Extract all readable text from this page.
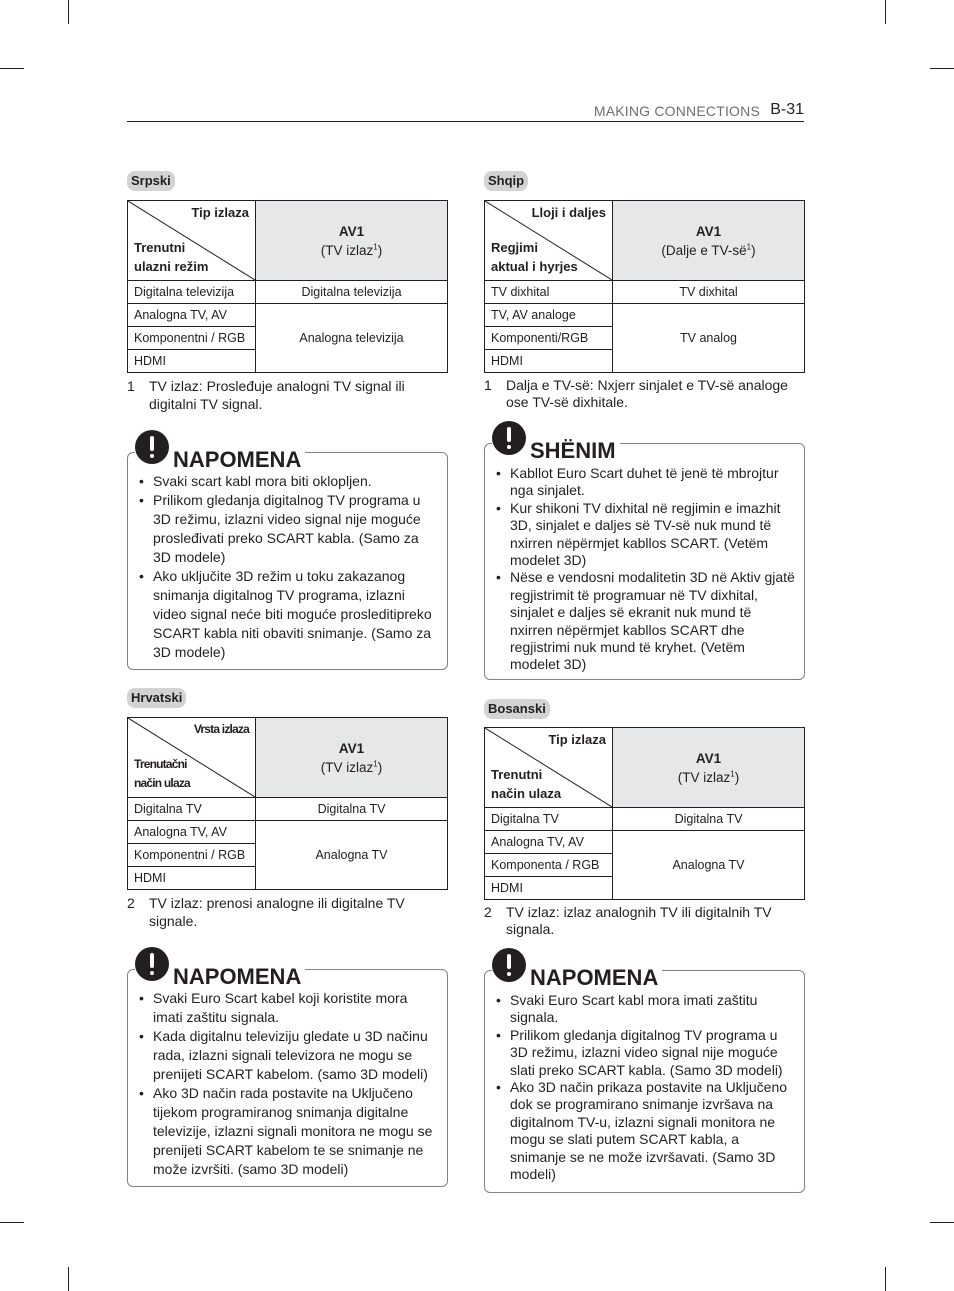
MAKING CONNECTIONS B-31
Srpski
Tip izlaza
Trenutni
ulazni režim	AV1
(TV izlaz$^1$)
Digitalna televizija	Digitalna televizija
Analogna TV, AV	Analogna televizija
Komponentni / RGB	
HDMI	
1 TV izlaz: Prosleđuje analogni TV signal ili digitalni TV signal.
NAPOMENA
• Svaki scart kabl mora biti oklopljen.
• Prilikom gledanja digitalnog TV programa u 3D režimu, izlazni video signal nije moguće prosleđivati preko SCART kabla. (Samo za 3D modele)
• Ako uključite 3D režim u toku zakazanog snimanja digitalnog TV programa, izlazni video signal neće biti moguće prosleditipreko SCART kabla niti obaviti snimanje. (Samo za 3D modele)
Hrvatski
Vrsta izlaza
Trenutačni
način ulaza	AV1
(TV izlaz$^1$)
Digitalna TV	Digitalna TV
Analogna TV, AV	Analogna TV
Komponentni / RGB	
HDMI	
2 TV izlaz: prenosi analogne ili digitalne TV signale.
NAPOMENA
• Svaki Euro Scart kabel koji koristite mora imati zaštitu signala.
• Kada digitalnu televiziju gledate u 3D načinu rada, izlazni signali televizora ne mogu se prenijeti SCART kabelom. (samo 3D modeli)
• Ako 3D način rada postavite na Uključeno tijekom programiranog snimanja digitalne televizije, izlazni signali monitora ne mogu se prenijeti SCART kabelom te se snimanje ne može izvršiti. (samo 3D modeli)
Shqip
Lloji i daljes
Regjimi
aktual i hyrjes	AV1
(Dalje e $TV-së^1$)
TV dixhital	TV dixhital
TV, AV analoge	TV analog
Komponenti/RGB	
HDMI	
1 Dalja e TV-së: Nxjerr sinjalet e TV-së analoge ose TV-së dixhitale.
SHËNIM
• Kabllot Euro Scart duhet të jenë të mbrojtur nga sinjalet.
• Kur shikoni TV dixhital në regjimin e imazhit 3D, sinjalet e daljes së TV-së nuk mund të nxirren nëpërmjet kabllos SCART. (Vetëm modelet 3D)
• Nëse e vendosni modalitetin 3D në Aktiv gjatë regjistrimit të programuar në TV dixhital, sinjalet e daljes së ekranit nuk mund të nxirren nëpërmjet kabllos SCART dhe regjistrimi nuk mund të kryhet. (Vetëm modelet 3D)
Bosanski
Tip izlaza
Trenutni
način ulaza	AV1
(TV izlaz$^1$)
Digitalna TV	Digitalna TV
Analogna TV, AV	Analogna TV
Komponenta / RGB	
HDMI	
2 TV izlaz: izlaz analognih TV ili digitalnih TV signala.
NAPOMENA
• Svaki Euro Scart kabl mora imati zaštitu signala.
• Prilikom gledanja digitalnog TV programa u 3D režimu, izlazni video signal nije moguće slati preko SCART kabla. (Samo 3D modeli)
• Ako 3D način prikaza postavite na Uključeno dok se programirano snimanje izvršava na digitalnom TV-u, izlazni signali monitora ne mogu se slati putem SCART kabla, a snimanje se ne može izvršavati. (Samo 3D modeli)
